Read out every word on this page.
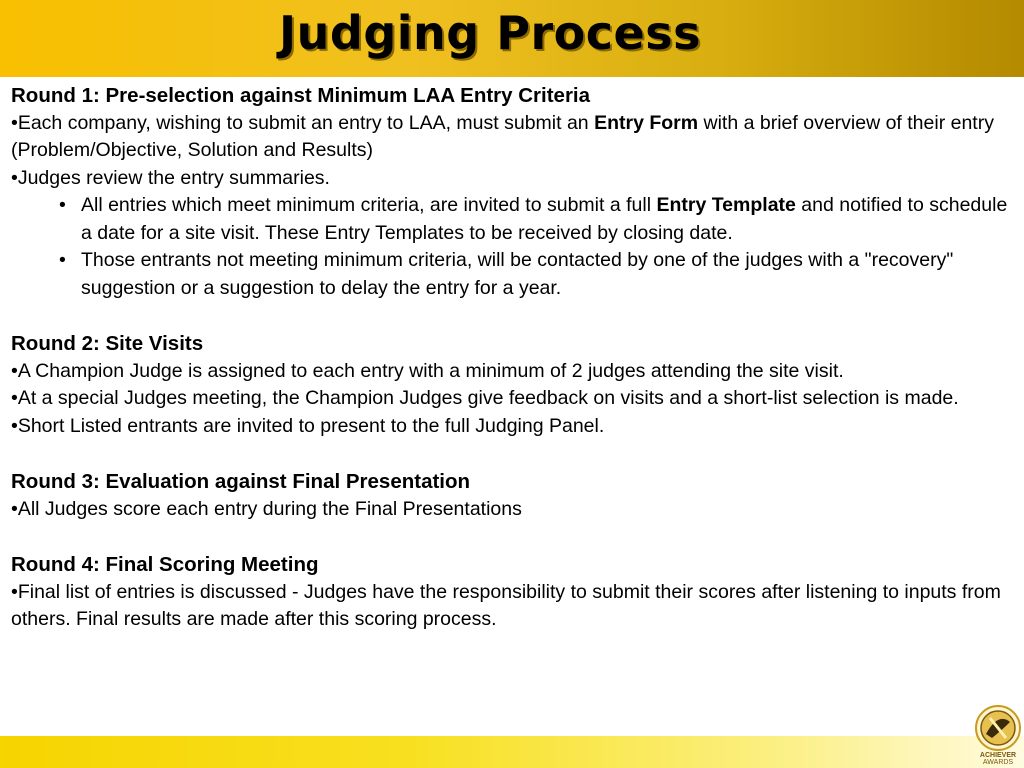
Judging Process

Round 1: Pre-selection against Minimum LAA Entry Criteria

•Each company, wishing to submit an entry to LAA, must submit an Entry Form with a brief overview of their entry (Problem/Objective, Solution and Results)

•Judges review the entry summaries.

• All entries which meet minimum criteria, are invited to submit a full Entry Template and notified to schedule a date for a site visit. These Entry Templates to be received by closing date.

• Those entrants not meeting minimum criteria, will be contacted by one of the judges with a "recovery" suggestion or a suggestion to delay the entry for a year.

Round 2: Site Visits

•A Champion Judge is assigned to each entry with a minimum of 2 judges attending the site visit.

•At a special Judges meeting, the Champion Judges give feedback on visits and a short-list selection is made.

•Short Listed entrants are invited to present to the full Judging Panel.

Round 3: Evaluation against Final Presentation

•All Judges score each entry during the Final Presentations

Round 4: Final Scoring Meeting

•Final list of entries is discussed - Judges have the responsibility to submit their scores after listening to inputs from others. Final results are made after this scoring process.

ACHIEVER
AWARDS
